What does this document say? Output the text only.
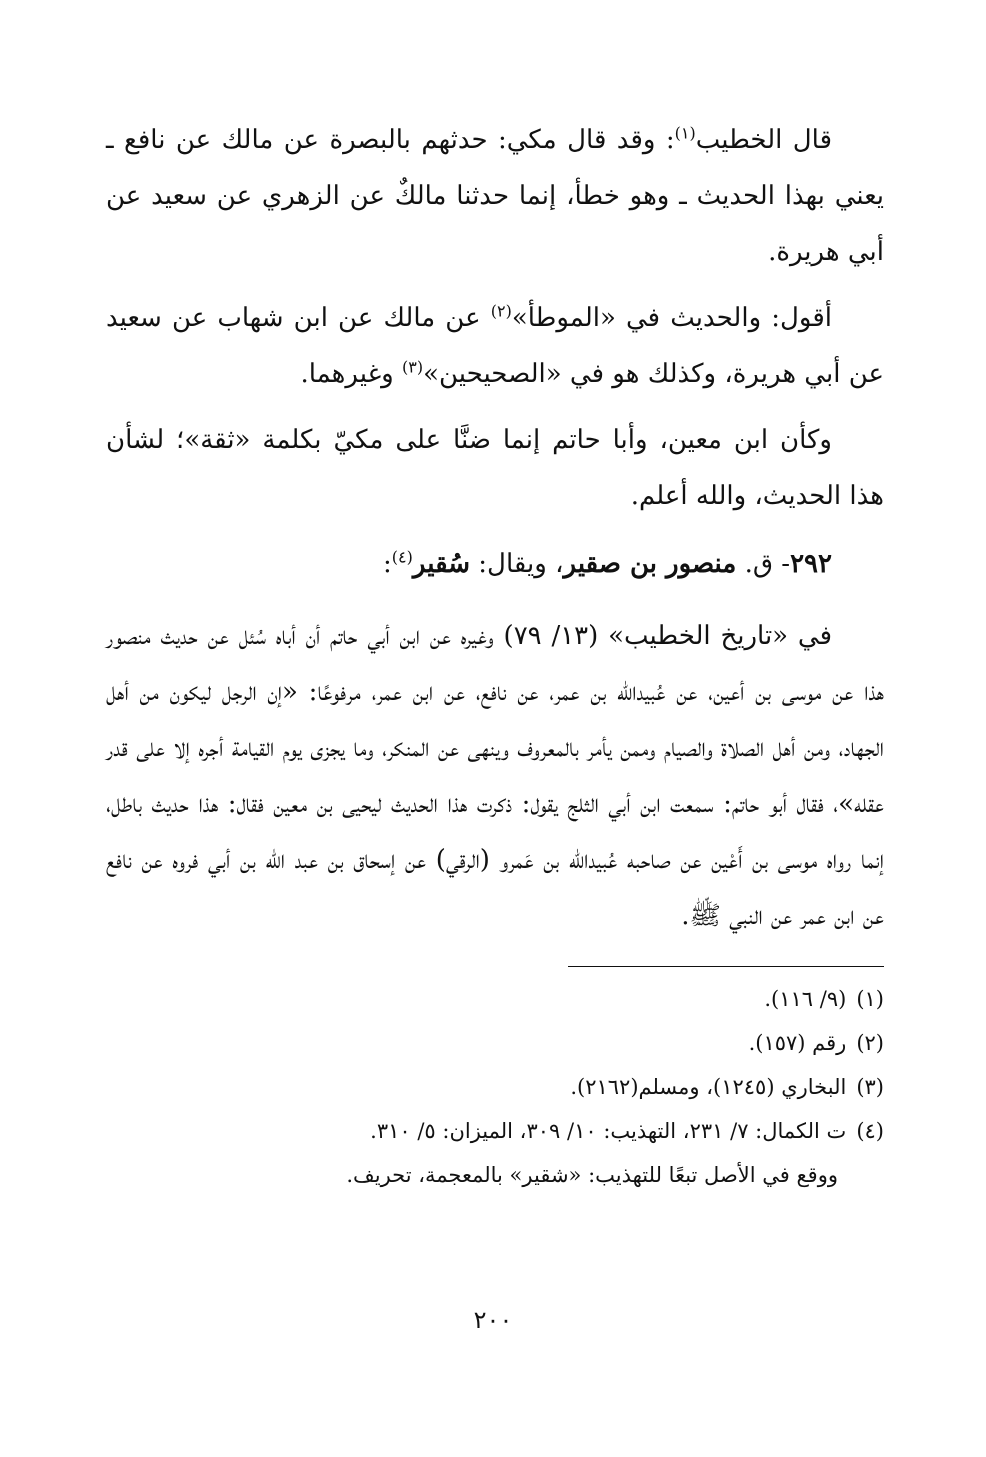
قال الخطيب$^{(١)}$: وقد قال مكي: حدثهم بالبصرة عن مالك عن نافع ـ يعني بهذا الحديث ـ وهو خطأ، إنما حدثنا مالكٌ عن الزهري عن سعيد عن أبي هريرة.

أقول: والحديث في «الموطأ»$^{(٢)}$ عن مالك عن ابن شهاب عن سعيد عن أبي هريرة، وكذلك هو في «الصحيحين»$^{(٣)}$ وغيرهما.

وكأن ابن معين، وأبا حاتم إنما ضنَّا على مكيّ بكلمة «ثقة»؛ لشأن هذا الحديث، والله أعلم.

٢٩٢- ق. منصور بن صقير، ويقال: سُقير$^{(٤)}$:

في «تاريخ الخطيب» (١٣/ ٧٩) وغيره عن ابن أبي حاتم أن أباه سُئل عن حديث منصور هذا عن موسى بن أعين، عن عُبيدالله بن عمر، عن نافع، عن ابن عمر، مرفوعًا: «إن الرجل ليكون من أهل الجهاد، ومن أهل الصلاة والصيام وممن يأمر بالمعروف وينهى عن المنكر، وما يجزى يوم القيامة أجره إلا على قدر عقله»، فقال أبو حاتم: سمعت ابن أبي الثلج يقول: ذكرت هذا الحديث ليحيى بن معين فقال: هذا حديث باطل، إنما رواه موسى بن أَعْين عن صاحبه عُبيدالله بن عَمرو (الرقي) عن إسحاق بن عبد الله بن أبي فروه عن نافع عن ابن عمر عن النبي ﷺ.

(١)
(٩/ ١١٦).
(٢)
رقم (١٥٧).
(٣)
البخاري (١٢٤٥)، ومسلم(٢١٦٢).
(٤)
ت الكمال: ٧/ ٢٣١، التهذيب: ١٠/ ٣٠٩، الميزان: ٥/ ٣١٠.
ووقع في الأصل تبعًا للتهذيب: «شقير» بالمعجمة، تحريف.
٢٠٠
